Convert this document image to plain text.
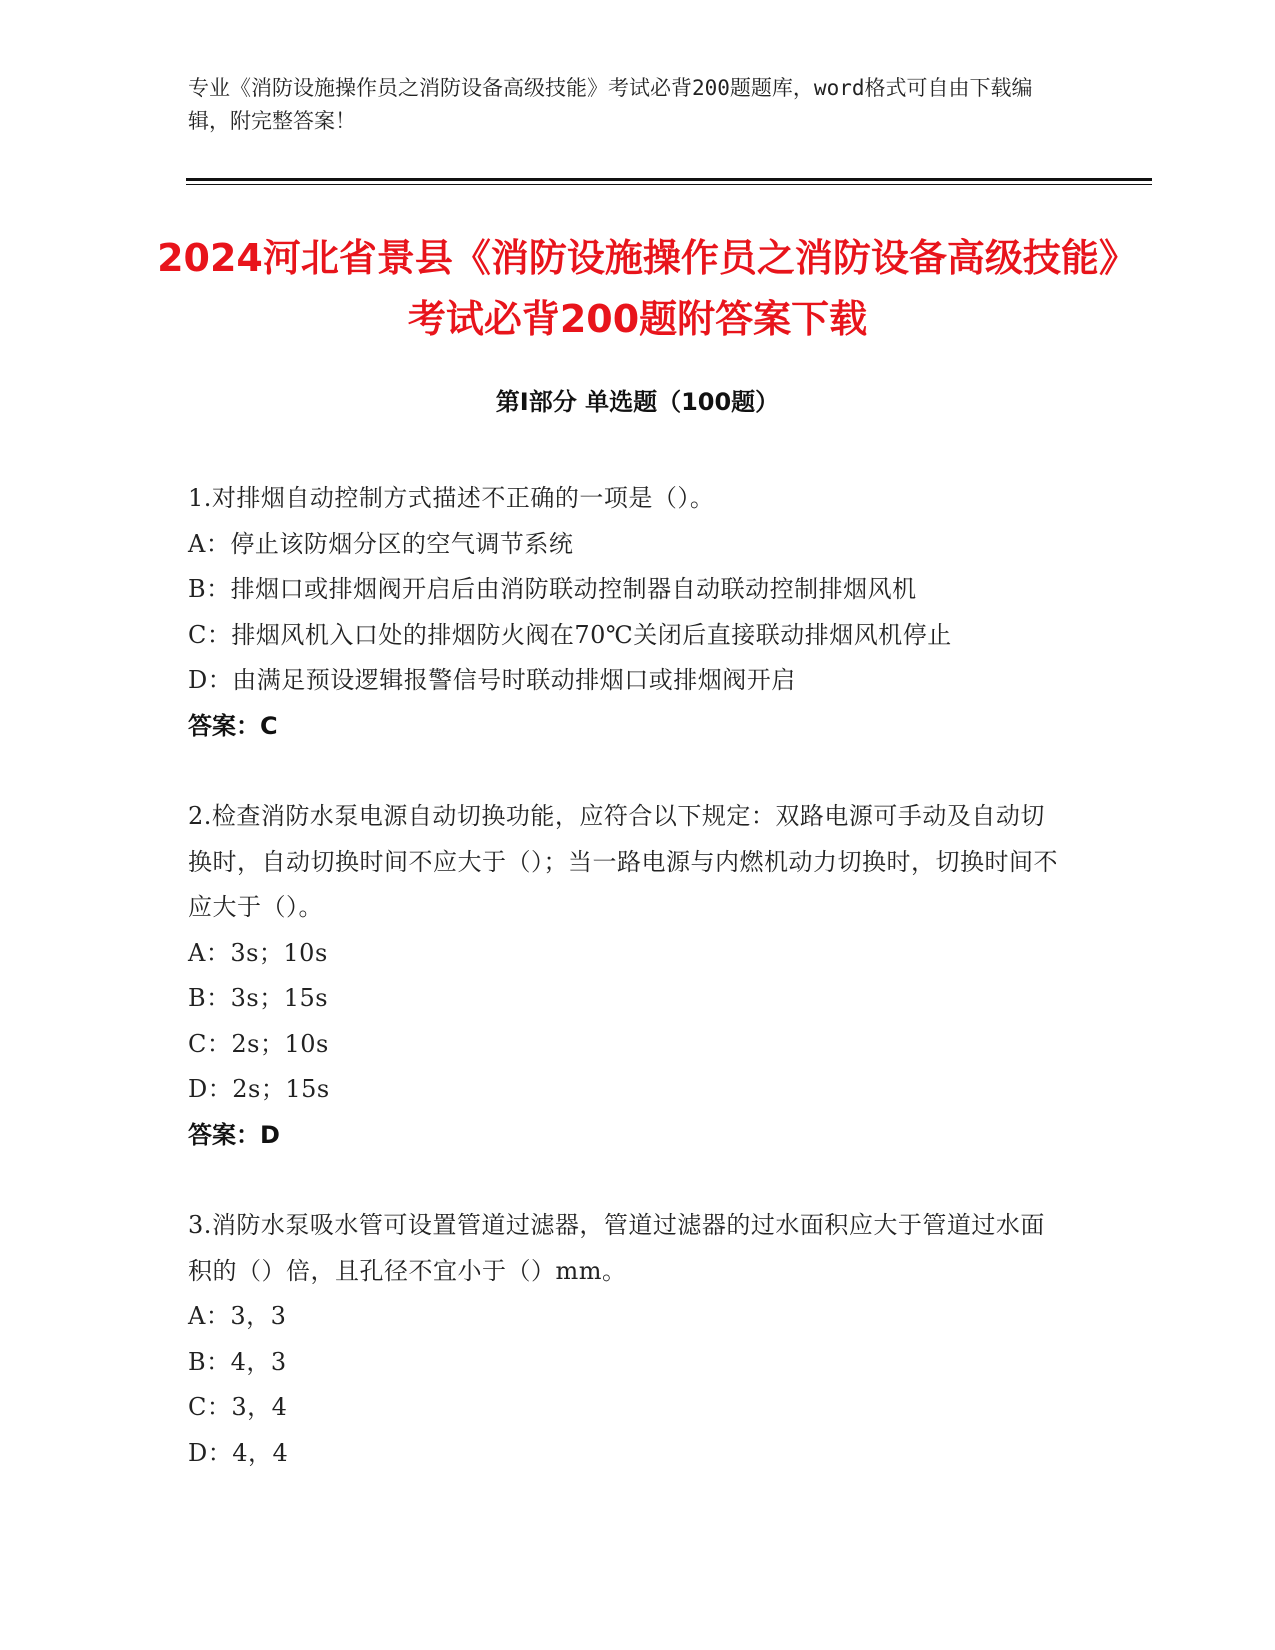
专业《消防设施操作员之消防设备高级技能》考试必背200题题库，word格式可自由下载编辑，附完整答案！
2024河北省景县《消防设施操作员之消防设备高级技能》考试必背200题附答案下载
第I部分 单选题（100题）

1.对排烟自动控制方式描述不正确的一项是（）。

A：停止该防烟分区的空气调节系统
B：排烟口或排烟阀开启后由消防联动控制器自动联动控制排烟风机
C：排烟风机入口处的排烟防火阀在70℃关闭后直接联动排烟风机停止
D：由满足预设逻辑报警信号时联动排烟口或排烟阀开启
答案：C

2.检查消防水泵电源自动切换功能，应符合以下规定：双路电源可手动及自动切换时，自动切换时间不应大于（）；当一路电源与内燃机动力切换时，切换时间不应大于（）。

A：3s；10s
B：3s；15s
C：2s；10s
D：2s；15s
答案：D

3.消防水泵吸水管可设置管道过滤器，管道过滤器的过水面积应大于管道过水面积的（）倍，且孔径不宜小于（）mm。

A：3，3
B：4，3
C：3，4
D：4，4
